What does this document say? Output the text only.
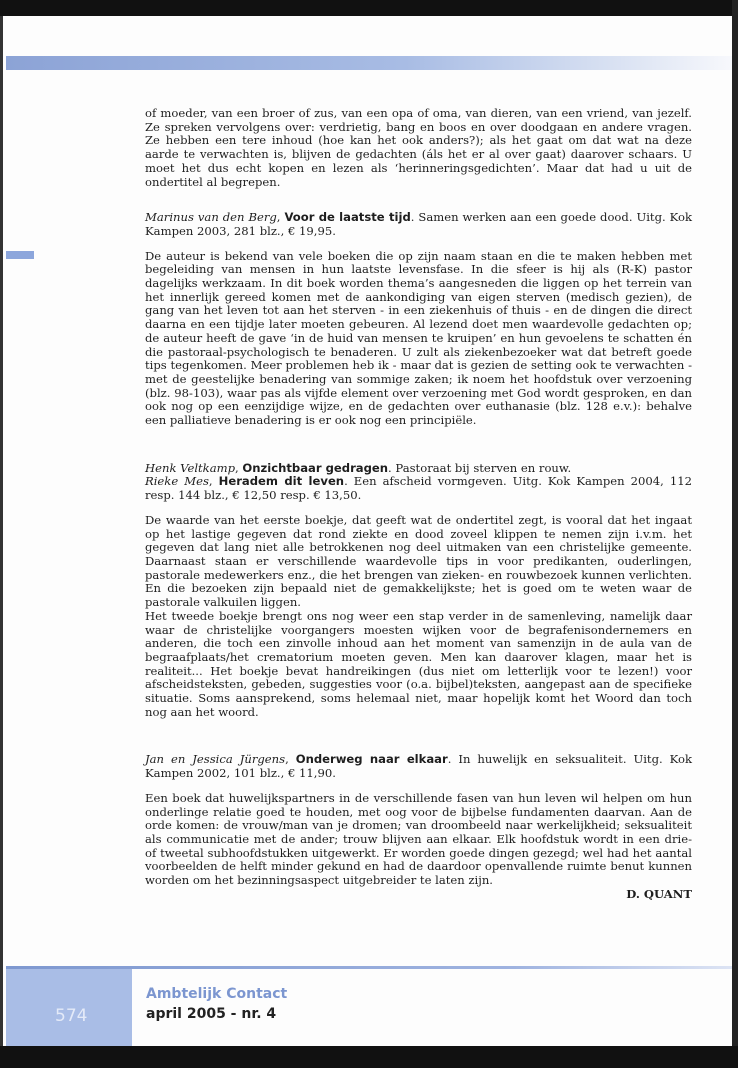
of moeder, van een broer of zus, van een opa of oma, van dieren, van een vriend, van jezelf. Ze spreken vervolgens over: verdrietig, bang en boos en over doodgaan en andere vragen. Ze hebben een tere inhoud (hoe kan het ook anders?); als het gaat om dat wat na deze aarde te verwachten is, blijven de gedachten (áls het er al over gaat) daarover schaars. U moet het dus echt kopen en lezen als ‘herinneringsgedichten’. Maar dat had u uit de ondertitel al begrepen.

Marinus van den Berg, Voor de laatste tijd. Samen werken aan een goede dood. Uitg. Kok Kampen 2003, 281 blz., € 19,95.

De auteur is bekend van vele boeken die op zijn naam staan en die te maken hebben met begeleiding van mensen in hun laatste levensfase. In die sfeer is hij als (R-K) pastor dagelijks werkzaam. In dit boek worden thema’s aangesneden die liggen op het terrein van het innerlijk gereed komen met de aankondiging van eigen sterven (medisch gezien), de gang van het leven tot aan het sterven - in een ziekenhuis of thuis - en de dingen die direct daarna en een tijdje later moeten gebeuren. Al lezend doet men waardevolle gedachten op; de auteur heeft de gave ‘in de huid van mensen te kruipen’ en hun gevoelens te schatten én die pastoraal-psychologisch te benaderen. U zult als ziekenbezoeker wat dat betreft goede tips tegenkomen. Meer problemen heb ik - maar dat is gezien de setting ook te verwachten - met de geestelijke benadering van sommige zaken; ik noem het hoofdstuk over verzoening (blz. 98-103), waar pas als vijfde element over verzoening met God wordt gesproken, en dan ook nog op een eenzijdige wijze, en de gedachten over euthanasie (blz. 128 e.v.): behalve een palliatieve benadering is er ook nog een principiële.

Henk Veltkamp, Onzichtbaar gedragen. Pastoraat bij sterven en rouw.

Rieke Mes, Heradem dit leven. Een afscheid vormgeven. Uitg. Kok Kampen 2004, 112 resp. 144 blz., € 12,50 resp. € 13,50.

De waarde van het eerste boekje, dat geeft wat de ondertitel zegt, is vooral dat het ingaat op het lastige gegeven dat rond ziekte en dood zoveel klippen te nemen zijn i.v.m. het gegeven dat lang niet alle betrokkenen nog deel uitmaken van een christelijke gemeente. Daarnaast staan er verschillende waardevolle tips in voor predikanten, ouderlingen, pastorale medewerkers enz., die het brengen van zieken- en rouwbezoek kunnen verlichten. En die bezoeken zijn bepaald niet de gemakkelijkste; het is goed om te weten waar de pastorale valkuilen liggen.

Het tweede boekje brengt ons nog weer een stap verder in de samenleving, namelijk daar waar de christelijke voorgangers moesten wijken voor de begrafenisondernemers en anderen, die toch een zinvolle inhoud aan het moment van samenzijn in de aula van de begraafplaats/het crematorium moeten geven. Men kan daarover klagen, maar het is realiteit... Het boekje bevat handreikingen (dus niet om letterlijk voor te lezen!) voor afscheidsteksten, gebeden, suggesties voor (o.a. bijbel)teksten, aangepast aan de specifieke situatie. Soms aansprekend, soms helemaal niet, maar hopelijk komt het Woord dan toch nog aan het woord.

Jan en Jessica Jürgens, Onderweg naar elkaar. In huwelijk en seksualiteit. Uitg. Kok Kampen 2002, 101 blz., € 11,90.

Een boek dat huwelijkspartners in de verschillende fasen van hun leven wil helpen om hun onderlinge relatie goed te houden, met oog voor de bijbelse fundamenten daarvan. Aan de orde komen: de vrouw/man van je dromen; van droombeeld naar werkelijkheid; seksualiteit als communicatie met de ander; trouw blijven aan elkaar. Elk hoofdstuk wordt in een drie- of tweetal subhoofdstukken uitgewerkt. Er worden goede dingen gezegd; wel had het aantal voorbeelden de helft minder gekund en had de daardoor openvallende ruimte benut kunnen worden om het bezinningsaspect uitgebreider te laten zijn.

D. QUANT

574
Ambtelijk Contact
april 2005 - nr. 4
